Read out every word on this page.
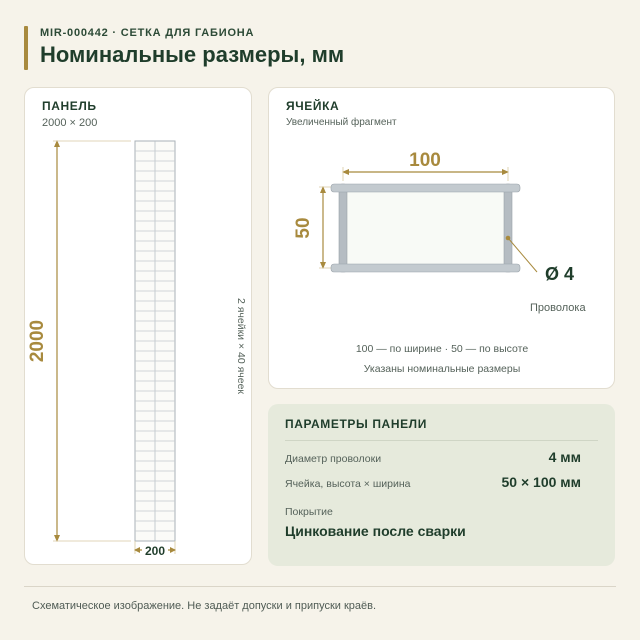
MIR-000442 · СЕТКА ДЛЯ ГАБИОНА
Номинальные размеры, мм
ПАНЕЛЬ
2000 × 200
2000
200
2 ячейки × 40 ячеек
ЯЧЕЙКА
Увеличенный фрагмент
100
50
Ø 4
Проволока
100 — по ширине · 50 — по высоте
Указаны номинальные размеры
ПАРАМЕТРЫ ПАНЕЛИ
Диаметр проволоки	4 мм
Ячейка, высота × ширина	50 × 100 мм
Покрытие
Цинкование после сварки
Схематическое изображение. Не задаёт допуски и припуски краёв.
